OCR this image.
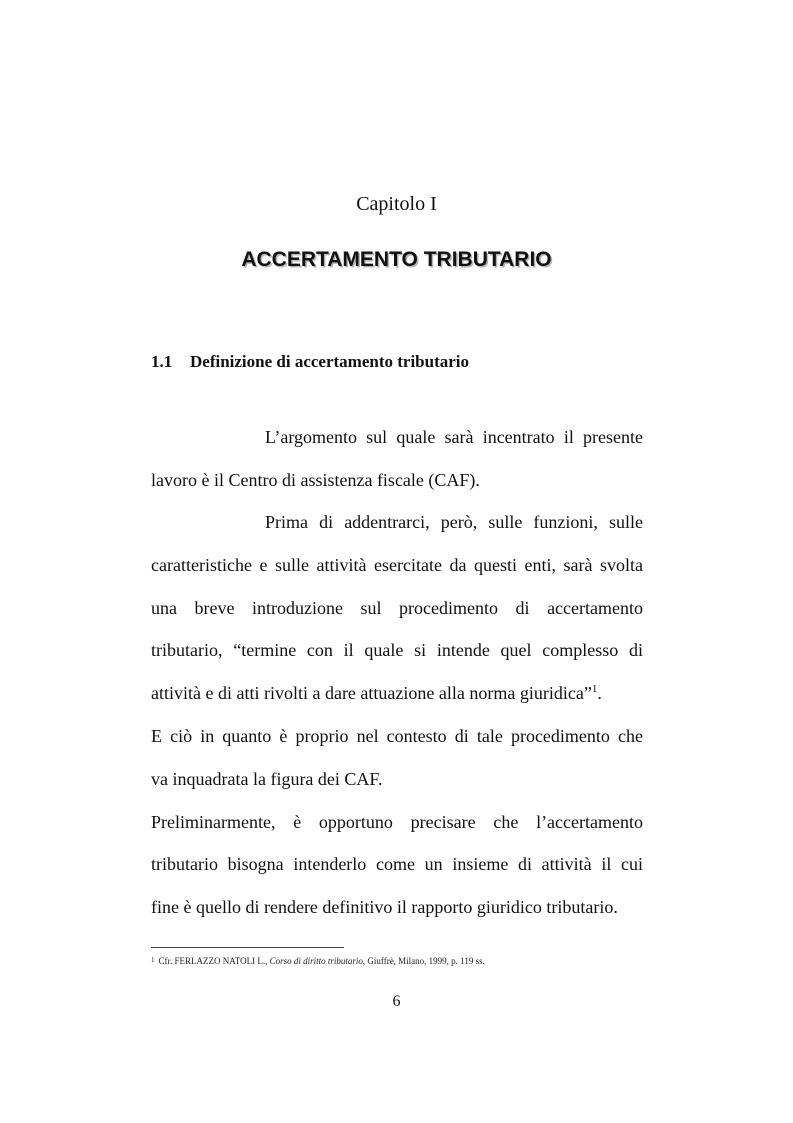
Capitolo I
ACCERTAMENTO TRIBUTARIO
1.1 Definizione di accertamento tributario

L’argomento sul quale sarà incentrato il presente

lavoro è il Centro di assistenza fiscale (CAF).

Prima di addentrarci, però, sulle funzioni, sulle

caratteristiche e sulle attività esercitate da questi enti, sarà svolta

una breve introduzione sul procedimento di accertamento

tributario, “termine con il quale si intende quel complesso di

attività e di atti rivolti a dare attuazione alla norma giuridica”$^1$.

E ciò in quanto è proprio nel contesto di tale procedimento che

va inquadrata la figura dei CAF.

Preliminarmente, è opportuno precisare che l’accertamento

tributario bisogna intenderlo come un insieme di attività il cui

fine è quello di rendere definitivo il rapporto giuridico tributario.

$^1$ Cfr. FERLAZZO NATOLI L., Corso di diritto tributario, Giuffrè, Milano, 1999, p. 119 ss.
6
